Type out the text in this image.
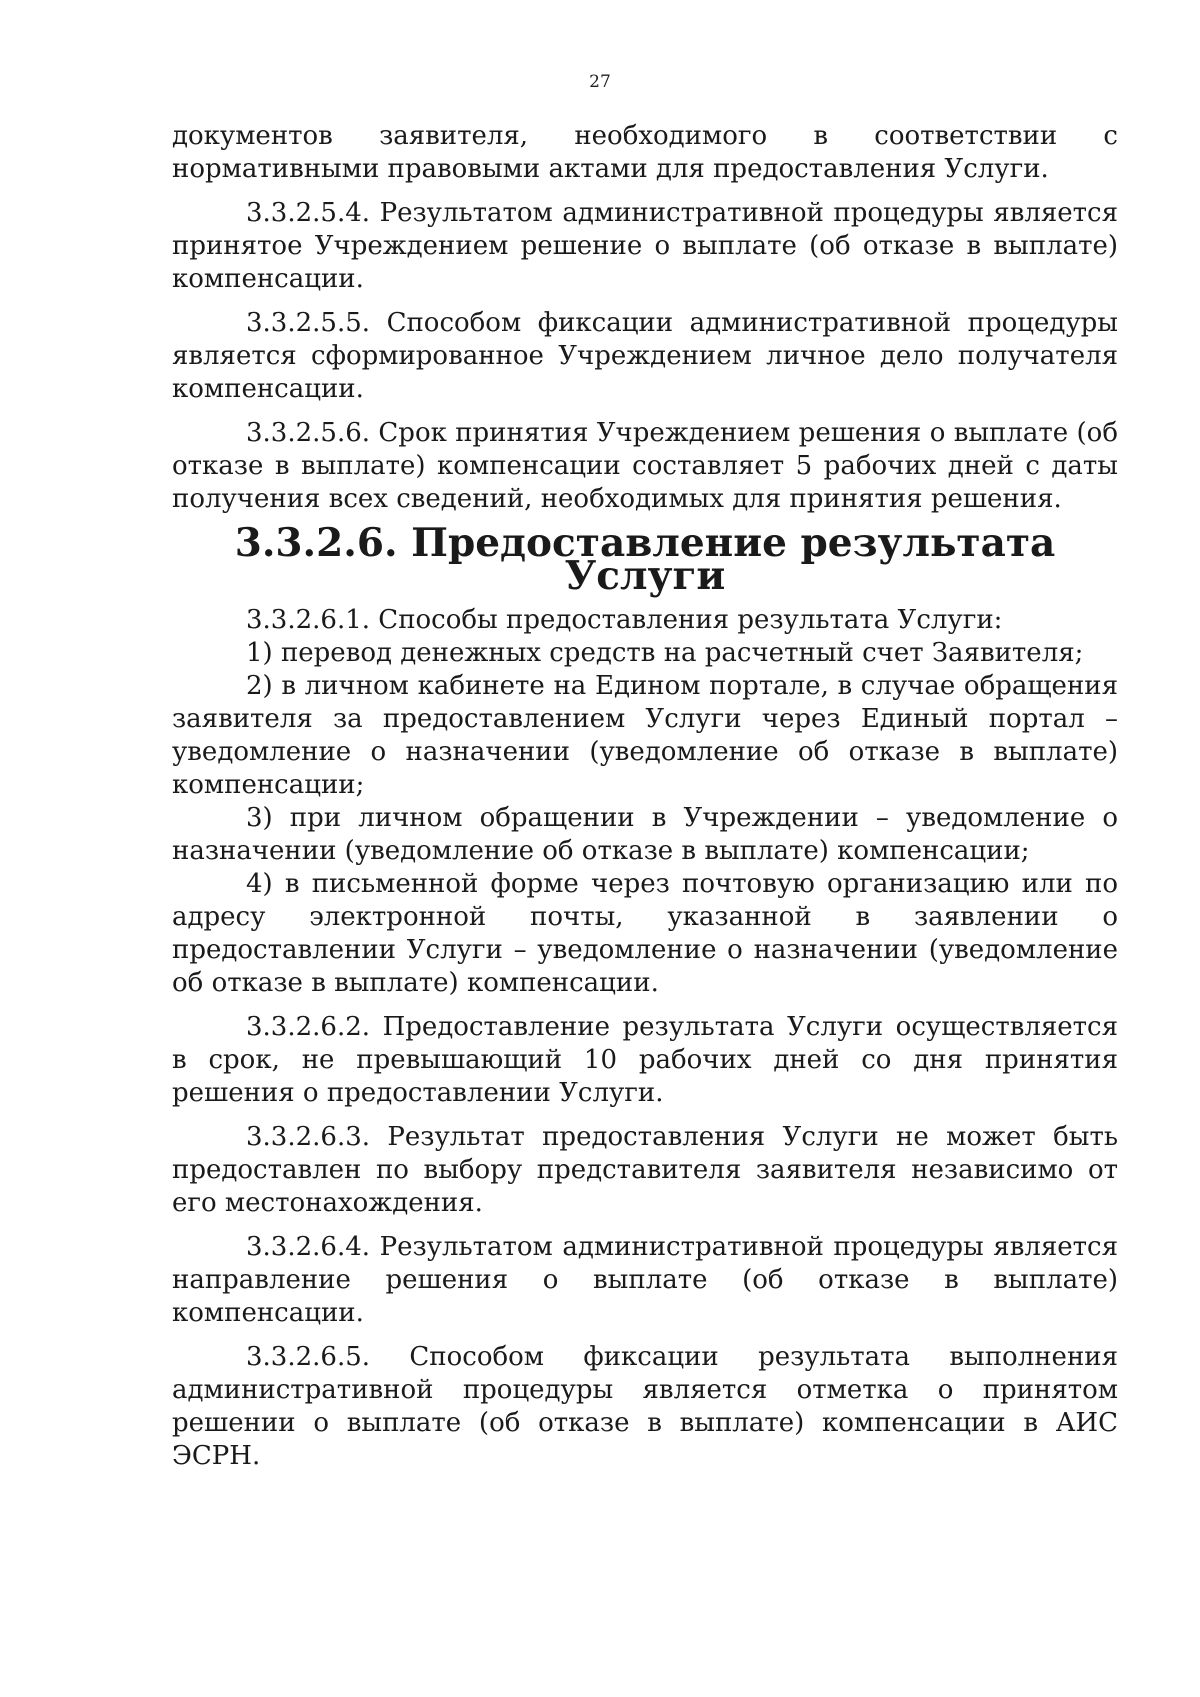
27

документов заявителя, необходимого в соответствии с нормативными правовыми актами для предоставления Услуги.

3.3.2.5.4. Результатом административной процедуры является принятое Учреждением решение о выплате (об отказе в выплате) компенсации.

3.3.2.5.5. Способом фиксации административной процедуры является сформированное Учреждением личное дело получателя компенсации.

3.3.2.5.6. Срок принятия Учреждением решения о выплате (об отказе в выплате) компенсации составляет 5 рабочих дней с даты получения всех сведений, необходимых для принятия решения.

3.3.2.6. Предоставление результата Услуги

3.3.2.6.1. Способы предоставления результата Услуги:

1) перевод денежных средств на расчетный счет Заявителя;

2) в личном кабинете на Едином портале, в случае обращения заявителя за предоставлением Услуги через Единый портал – уведомление о назначении (уведомление об отказе в выплате) компенсации;

3) при личном обращении в Учреждении – уведомление о назначении (уведомление об отказе в выплате) компенсации;

4) в письменной форме через почтовую организацию или по адресу электронной почты, указанной в заявлении о предоставлении Услуги – уведомление о назначении (уведомление об отказе в выплате) компенсации.

3.3.2.6.2. Предоставление результата Услуги осуществляется в срок, не превышающий 10 рабочих дней со дня принятия решения о предоставлении Услуги.

3.3.2.6.3. Результат предоставления Услуги не может быть предоставлен по выбору представителя заявителя независимо от его местонахождения.

3.3.2.6.4. Результатом административной процедуры является направление решения о выплате (об отказе в выплате) компенсации.

3.3.2.6.5. Способом фиксации результата выполнения административной процедуры является отметка о принятом решении о выплате (об отказе в выплате) компенсации в АИС ЭСРН.
